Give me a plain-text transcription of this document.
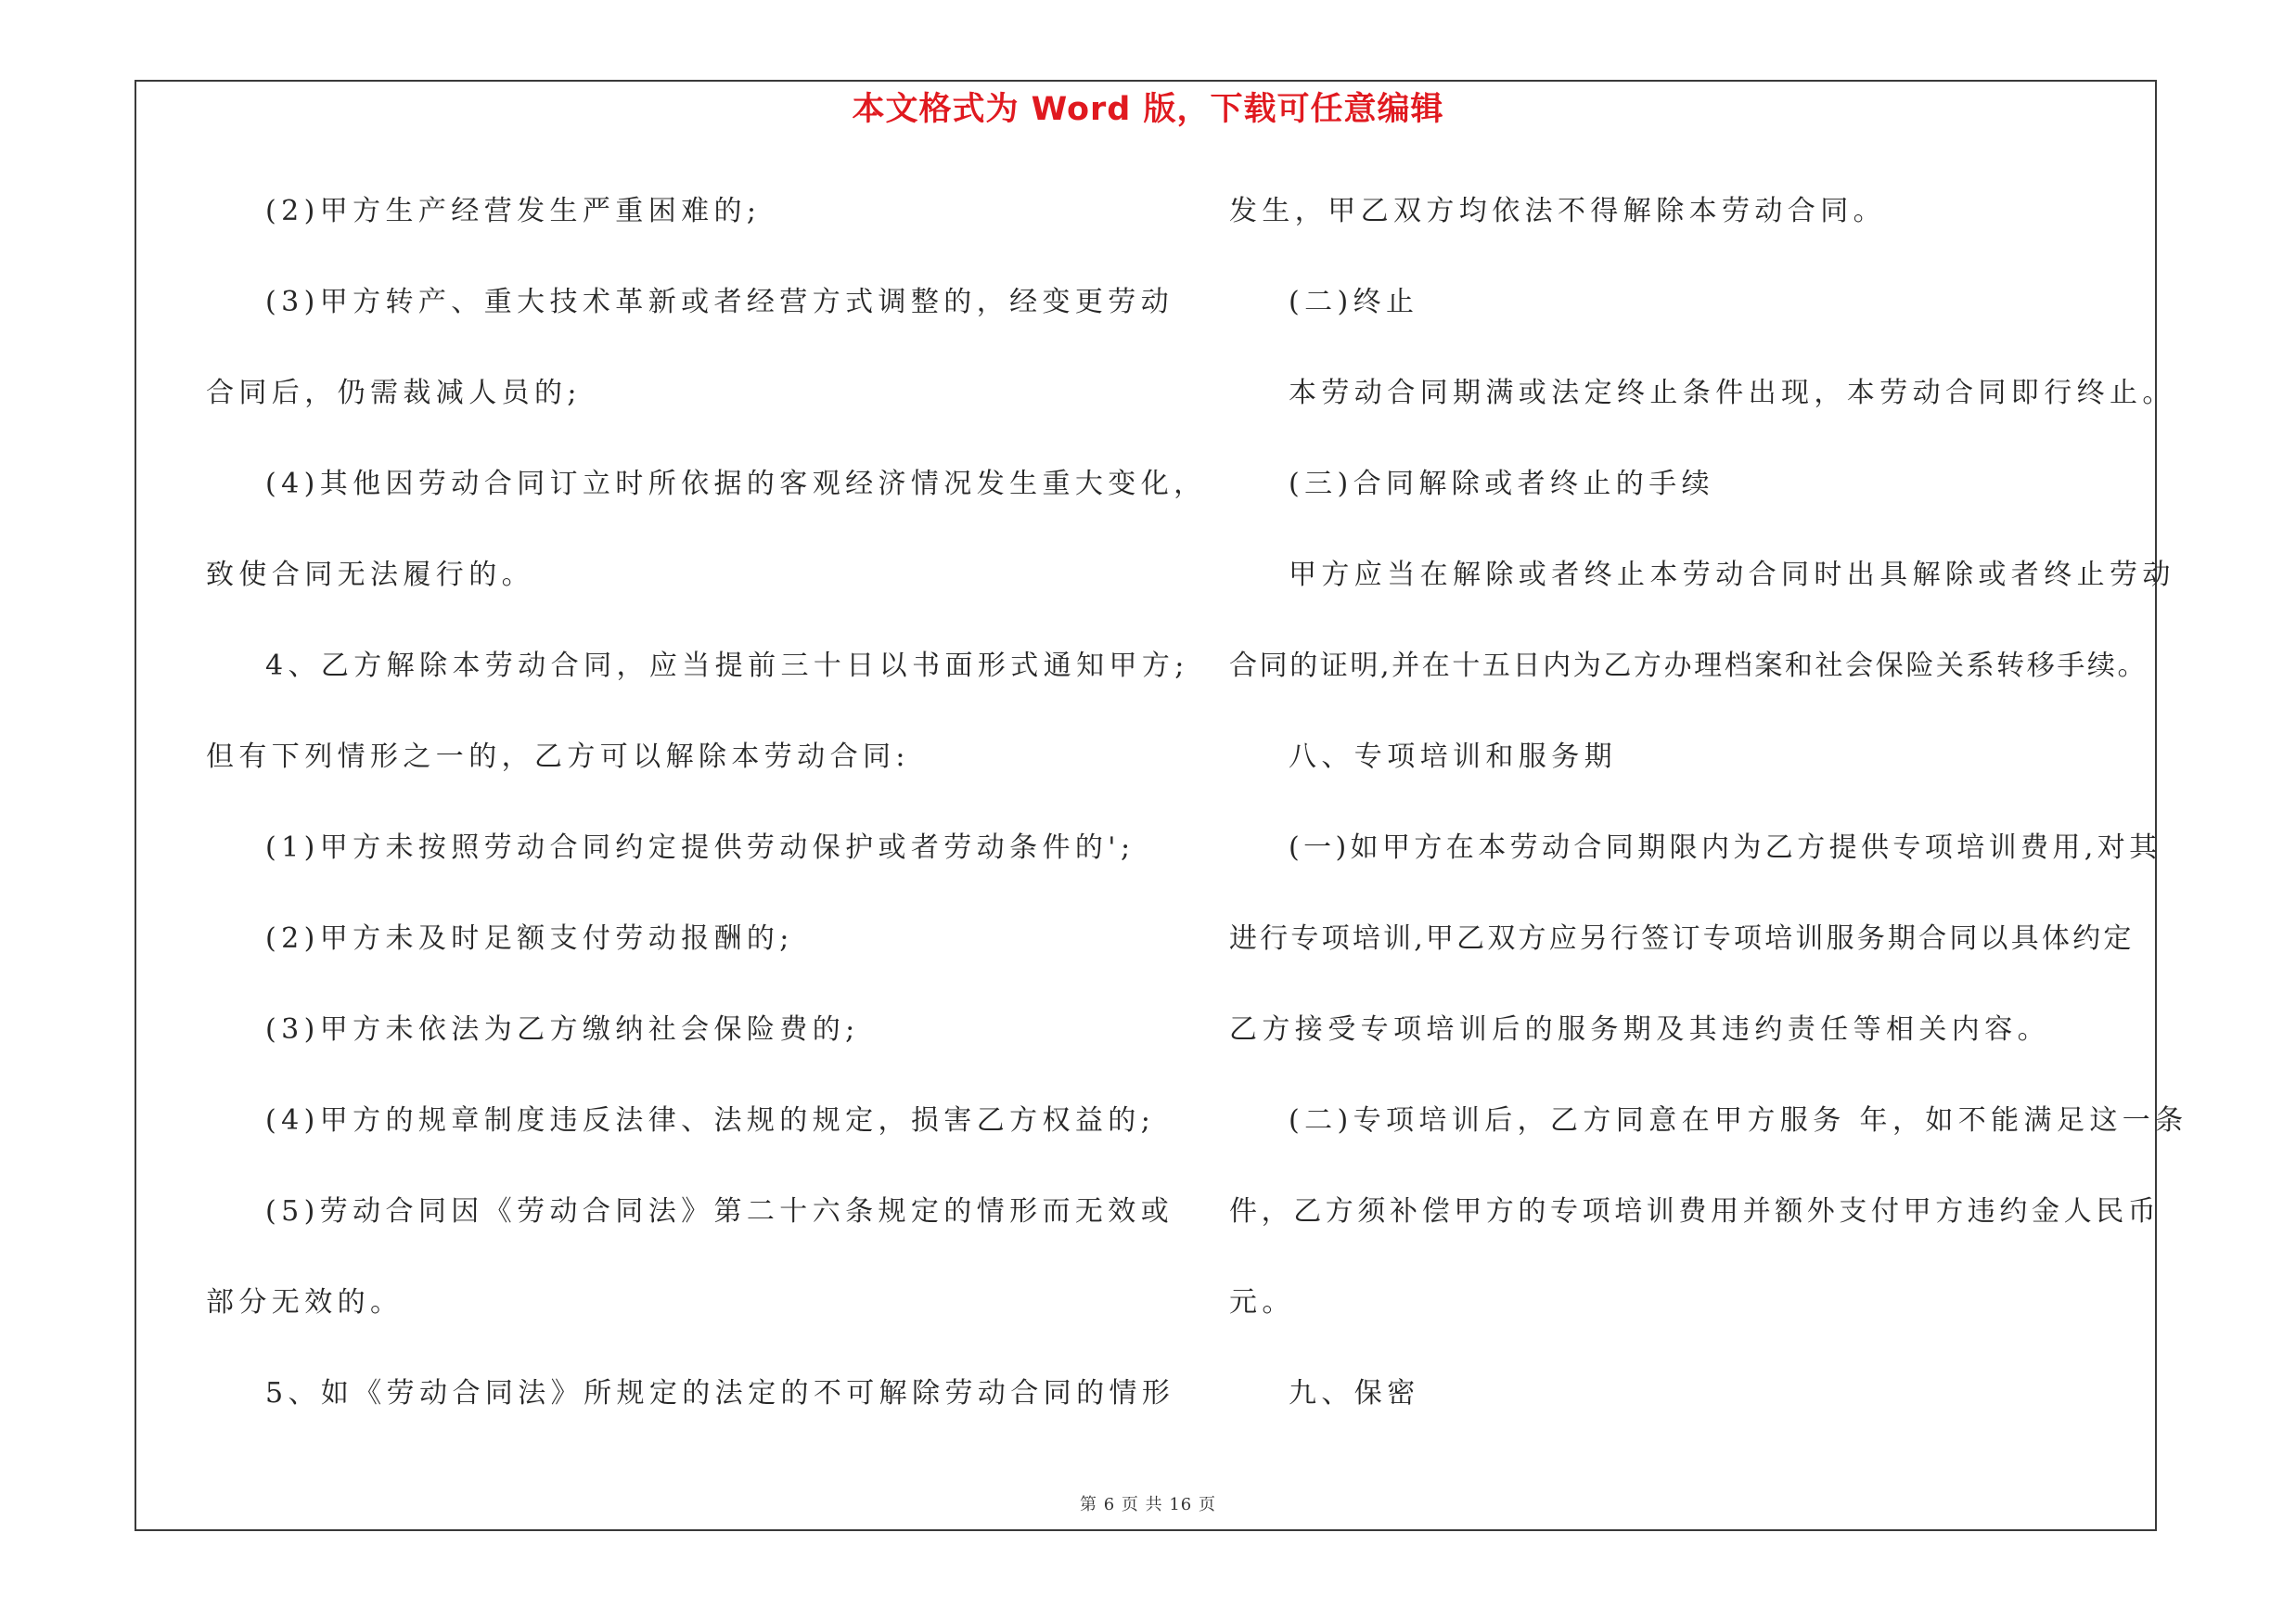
本文格式为 Word 版，下载可任意编辑
(2)甲方生产经营发生严重困难的;
(3)甲方转产、重大技术革新或者经营方式调整的，经变更劳动
合同后，仍需裁减人员的;
(4)其他因劳动合同订立时所依据的客观经济情况发生重大变化，
致使合同无法履行的。
4、乙方解除本劳动合同，应当提前三十日以书面形式通知甲方;
但有下列情形之一的，乙方可以解除本劳动合同:
(1)甲方未按照劳动合同约定提供劳动保护或者劳动条件的';
(2)甲方未及时足额支付劳动报酬的;
(3)甲方未依法为乙方缴纳社会保险费的;
(4)甲方的规章制度违反法律、法规的规定，损害乙方权益的;
(5)劳动合同因《劳动合同法》第二十六条规定的情形而无效或
部分无效的。
5、如《劳动合同法》所规定的法定的不可解除劳动合同的情形
发生，甲乙双方均依法不得解除本劳动合同。
(二)终止
本劳动合同期满或法定终止条件出现，本劳动合同即行终止。
(三)合同解除或者终止的手续
甲方应当在解除或者终止本劳动合同时出具解除或者终止劳动
合同的证明,并在十五日内为乙方办理档案和社会保险关系转移手续。
八、专项培训和服务期
(一)如甲方在本劳动合同期限内为乙方提供专项培训费用,对其
进行专项培训,甲乙双方应另行签订专项培训服务期合同以具体约定
乙方接受专项培训后的服务期及其违约责任等相关内容。
(二)专项培训后，乙方同意在甲方服务 年，如不能满足这一条
件，乙方须补偿甲方的专项培训费用并额外支付甲方违约金人民币
元。
九、保密
第 6 页 共 16 页
